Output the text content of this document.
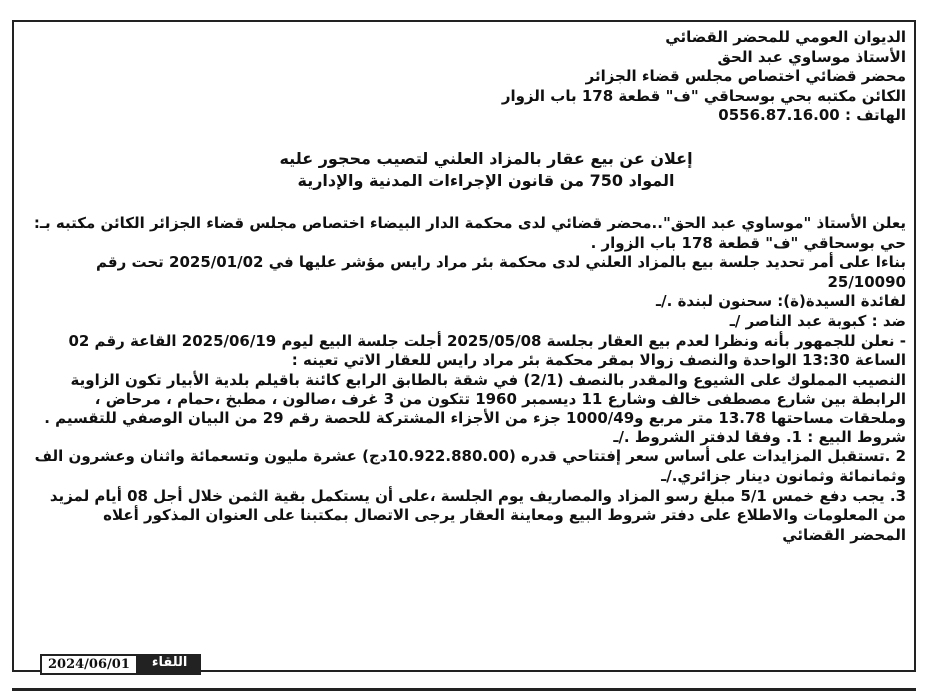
الديوان العومي للمحضر القضائي
الأستاذ موساوي عبد الحق
محضر قضائي اختصاص مجلس قضاء الجزائر
الكائن مكتبه بحي بوسحاقي "ف" قطعة 178 باب الزوار
الهاتف : 0556.87.16.00
إعلان عن بيع عقار بالمزاد العلني لتصيب محجور عليه
المواد 750 من قانون الإجراءات المدنية والإدارية

يعلن الأستاذ "موساوي عبد الحق"..محضر قضائي لدى محكمة الدار البيضاء اختصاص مجلس قضاء الجزائر الكائن مكتبه بـ: حي بوسحاقي "ف" قطعة 178 باب الزوار .

بناءا على أمر تحديد جلسة بيع بالمزاد العلني لدى محكمة بئر مراد رايس مؤشر عليها في 2025/01/02 تحت رقم 25/10090

لفائدة السيدة(ة): سحنون لبندة ./ـ

ضد : كبوبة عبد الناصر /ـ

- نعلن للجمهور بأنه ونظرا لعدم بيع العقار بجلسة 2025/05/08 أجلت جلسة البيع ليوم 2025/06/19 القاعة رقم 02 الساعة 13:30 الواحدة والنصف زوالا بمقر محكمة بئر مراد رايس للعقار الاتي تعينه :

النصيب المملوك على الشيوع والمقدر بالنصف (2/1) في شقة بالطابق الرابع كائنة باقيلم بلدية الأبيار تكون الزاوية الرابطة بين شارع مصطفى خالف وشارع 11 ديسمبر 1960 تتكون من 3 غرف ،صالون ، مطبخ ،حمام ، مرحاض ، وملحقات مساحتها 13.78 متر مربع و1000/49 جزء من الأجزاء المشتركة للحصة رقم 29 من البيان الوصفي للتقسيم .

شروط البيع : 1. وفقا لدفتر الشروط ./ـ

2 .تستقبل المزايدات على أساس سعر إفتتاحي قدره (10.922.880.00دج) عشرة مليون وتسعمائة واثنان وعشرون الف وثمانمائة وثمانون دينار جزائري./ـ

3. يجب دفع خمس 5/1 مبلغ رسو المزاد والمصاريف يوم الجلسة ،على أن يستكمل بقية الثمن خلال أجل 08 أيام لمزيد من المعلومات والاطلاع على دفتر شروط البيع ومعاينة العقار يرجى الاتصال بمكتبنا على العنوان المذكور أعلاه

المحضر القضائي

2024/06/01	اللقاء
